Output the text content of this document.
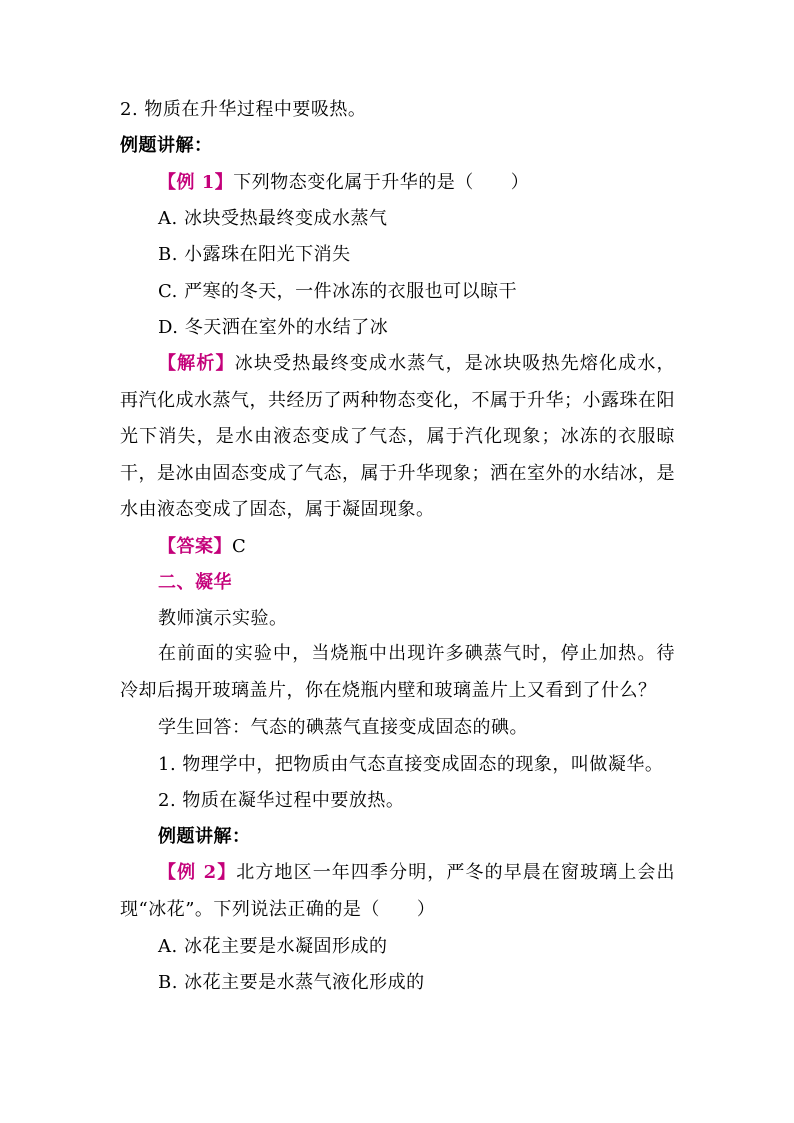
2. 物质在升华过程中要吸热。
例题讲解：
【例 1】下列物态变化属于升华的是（　　）
A. 冰块受热最终变成水蒸气
B. 小露珠在阳光下消失
C. 严寒的冬天，一件冰冻的衣服也可以晾干
D. 冬天洒在室外的水结了冰
【解析】冰块受热最终变成水蒸气，是冰块吸热先熔化成水，再汽化成水蒸气，共经历了两种物态变化，不属于升华；小露珠在阳光下消失，是水由液态变成了气态，属于汽化现象；冰冻的衣服晾干，是冰由固态变成了气态，属于升华现象；洒在室外的水结冰，是水由液态变成了固态，属于凝固现象。
【答案】C
二、凝华
教师演示实验。
在前面的实验中，当烧瓶中出现许多碘蒸气时，停止加热。待冷却后揭开玻璃盖片，你在烧瓶内壁和玻璃盖片上又看到了什么？
学生回答：气态的碘蒸气直接变成固态的碘。
1. 物理学中，把物质由气态直接变成固态的现象，叫做凝华。
2. 物质在凝华过程中要放热。
例题讲解：
【例 2】北方地区一年四季分明，严冬的早晨在窗玻璃上会出现“冰花”。下列说法正确的是（　　）
A. 冰花主要是水凝固形成的
B. 冰花主要是水蒸气液化形成的
